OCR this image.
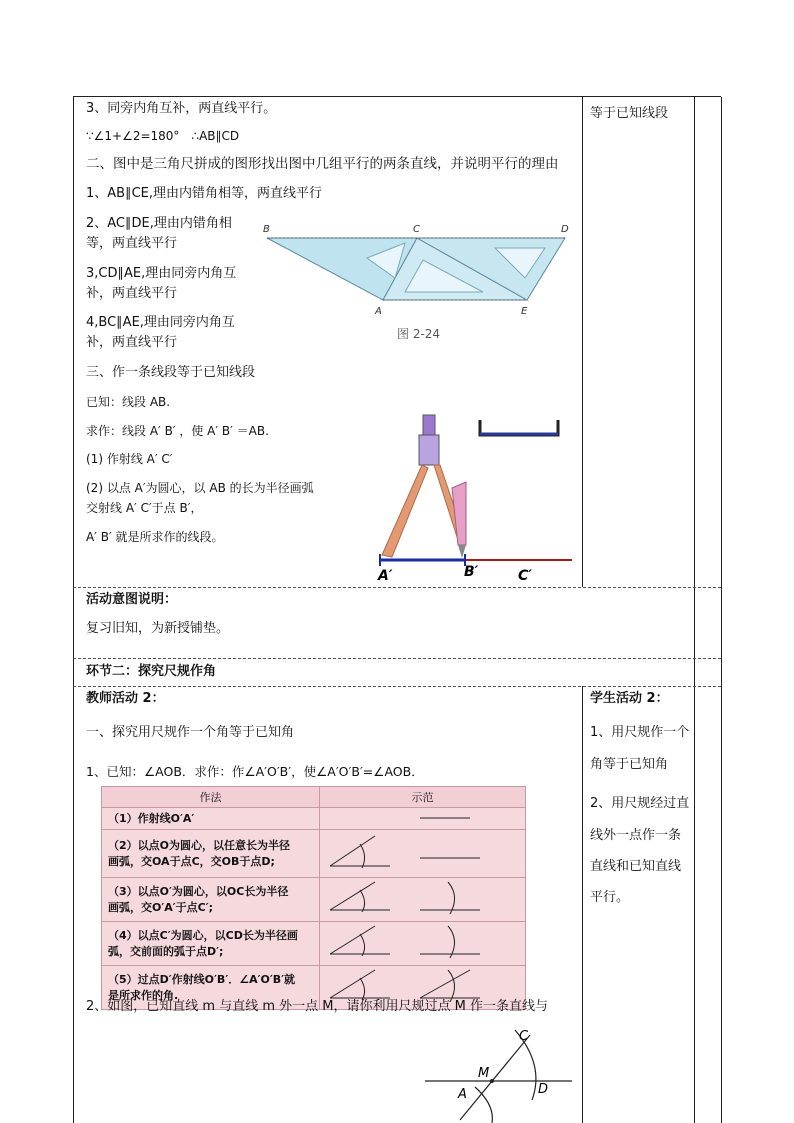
等于已知线段
3、同旁内角互补，两直线平行。
∵∠1+∠2=180°　∴AB∥CD
二、图中是三角尺拼成的图形找出图中几组平行的两条直线，并说明平行的理由
1、AB∥CE,理由内错角相等，两直线平行
2、AC∥DE,理由内错角相
等，两直线平行
3,CD∥AE,理由同旁内角互
补，两直线平行
4,BC∥AE,理由同旁内角互
补，两直线平行
三、作一条线段等于已知线段
已知：线段 AB.
求作：线段 A′ B′ ，使 A′ B′ ＝AB.
(1) 作射线 A′ C′
(2) 以点 A′为圆心，以 AB 的长为半径画弧
交射线 A′ C′于点 B′，
A′ B′ 就是所求作的线段。
B	C	D
A	E
图 2-24
A′	B′	C′
活动意图说明：
复习旧知，为新授铺垫。
环节二：探究尺规作角
教师活动 2：	学生活动 2：
1、用尺规作一个
角等于已知角
2、用尺规经过直
线外一点作一条
直线和已知直线
平行。
一、探究用尺规作一个角等于已知角
1、已知：∠AOB．求作：作∠A′O′B′，使∠A′O′B′=∠AOB．
作法	示范
（1）作射线O′A′	
（2）以点O为圆心，以任意长为半径
画弧，交OA于点C，交OB于点D;	
（3）以点O′为圆心，以OC长为半径
画弧，交O′A′于点C′;	
（4）以点C′为圆心，以CD长为半径画
弧，交前面的弧于点D′;	
（5）过点D′作射线O′B′．∠A′O′B′就
是所求作的角.	
2、如图，已知直线 m 与直线 m 外一点 M，请你利用尺规过点 M 作一条直线与
C
M
D
A
